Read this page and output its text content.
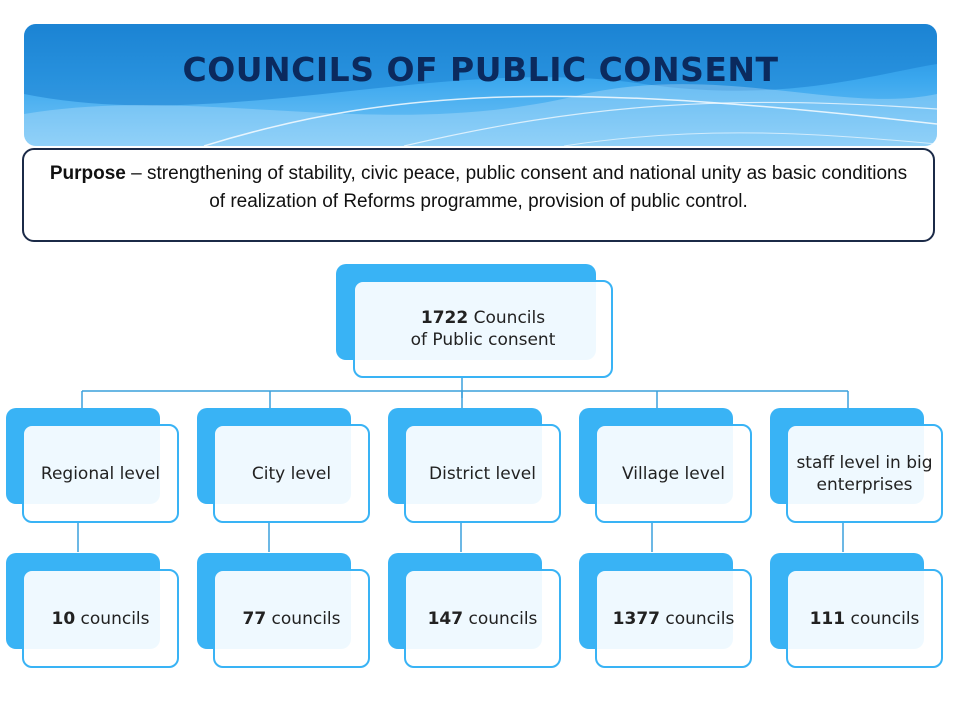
COUNCILS OF PUBLIC CONSENT
Purpose – strengthening of stability, civic peace, public consent and national unity as basic conditions of realization of Reforms programme, provision of public control.
1722 Councils
of Public consent
Regional level	City level	District level	Village level
staff level in big enterprises
10 councils	77 councils	147 councils	1377 councils	111 councils
